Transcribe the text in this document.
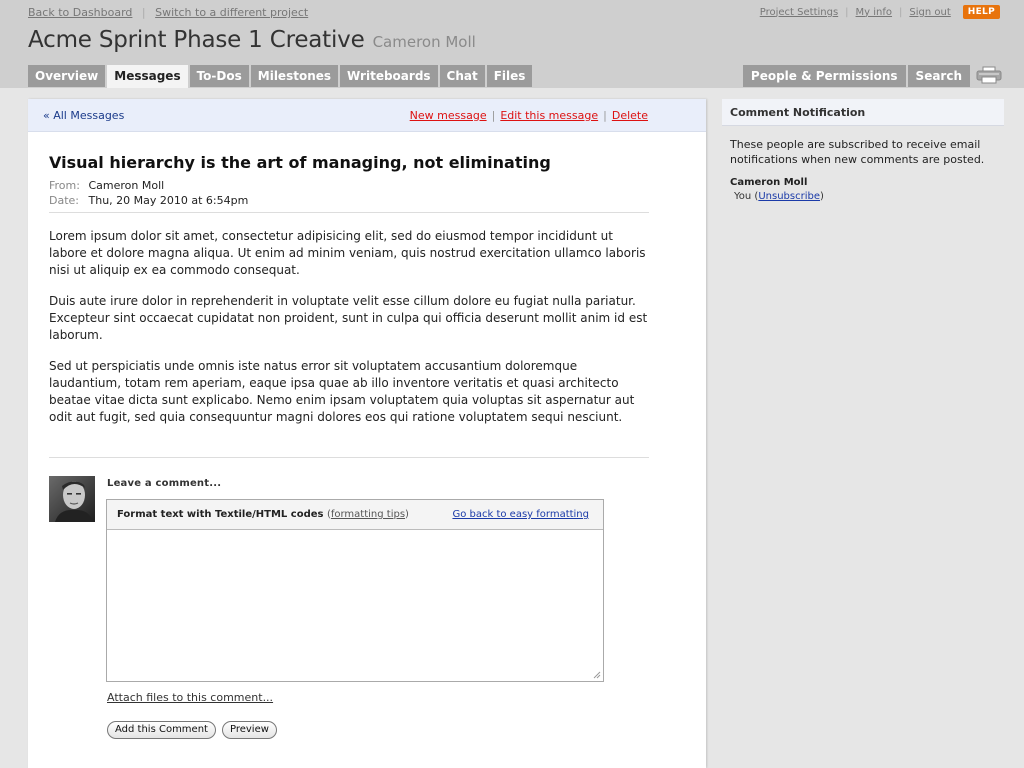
Back to Dashboard | Switch to a different project	Project Settings | My info | Sign out	HELP
Acme Sprint Phase 1 Creative Cameron Moll
Overview	Messages	To-Dos	Milestones	Writeboards	Chat	Files	People & Permissions	Search
« All Messages	New message | Edit this message | Delete
Visual hierarchy is the art of managing, not eliminating
From: Cameron Moll
Date: Thu, 20 May 2010 at 6:54pm

Lorem ipsum dolor sit amet, consectetur adipisicing elit, sed do eiusmod tempor incididunt ut labore et dolore magna aliqua. Ut enim ad minim veniam, quis nostrud exercitation ullamco laboris nisi ut aliquip ex ea commodo consequat.

Duis aute irure dolor in reprehenderit in voluptate velit esse cillum dolore eu fugiat nulla pariatur. Excepteur sint occaecat cupidatat non proident, sunt in culpa qui officia deserunt mollit anim id est laborum.

Sed ut perspiciatis unde omnis iste natus error sit voluptatem accusantium doloremque laudantium, totam rem aperiam, eaque ipsa quae ab illo inventore veritatis et quasi architecto beatae vitae dicta sunt explicabo. Nemo enim ipsam voluptatem quia voluptas sit aspernatur aut odit aut fugit, sed quia consequuntur magni dolores eos qui ratione voluptatem sequi nesciunt.

Leave a comment...
Format text with Textile/HTML codes (formatting tips)	Go back to easy formatting
Attach files to this comment...
Add this Comment	Preview
Comment Notification

These people are subscribed to receive email notifications when new comments are posted.

Cameron Moll
You (Unsubscribe)
